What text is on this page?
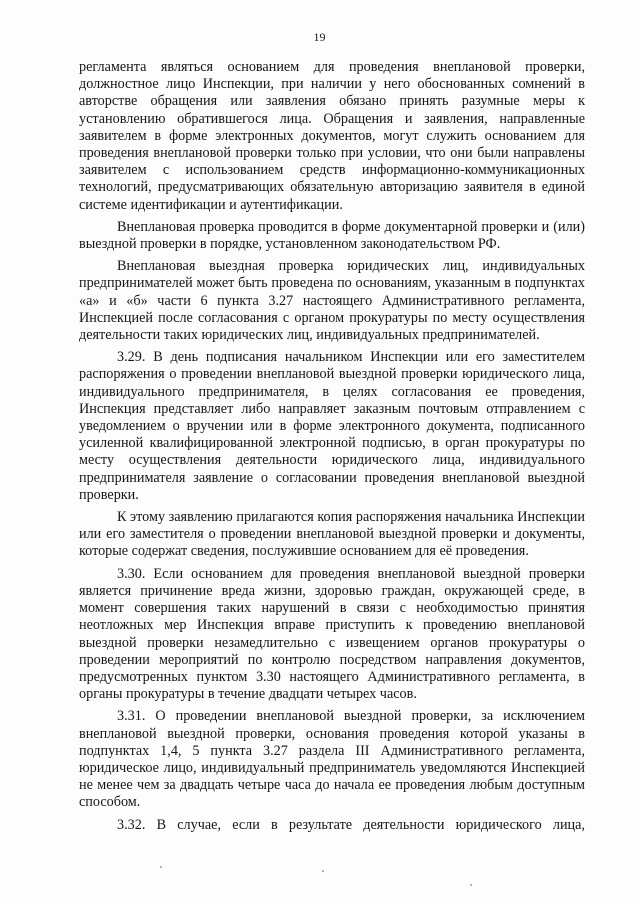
19

регламента являться основанием для проведения внеплановой проверки, должностное лицо Инспекции, при наличии у него обоснованных сомнений в авторстве обращения или заявления обязано принять разумные меры к установлению обратившегося лица. Обращения и заявления, направленные заявителем в форме электронных документов, могут служить основанием для проведения внеплановой проверки только при условии, что они были направлены заявителем с использованием средств информационно-коммуникационных технологий, предусматривающих обязательную авторизацию заявителя в единой системе идентификации и аутентификации.

Внеплановая проверка проводится в форме документарной проверки и (или) выездной проверки в порядке, установленном законодательством РФ.

Внеплановая выездная проверка юридических лиц, индивидуальных предпринимателей может быть проведена по основаниям, указанным в подпунктах «а» и «б» части 6 пункта 3.27 настоящего Административного регламента, Инспекцией после согласования с органом прокуратуры по месту осуществления деятельности таких юридических лиц, индивидуальных предпринимателей.

3.29. В день подписания начальником Инспекции или его заместителем распоряжения о проведении внеплановой выездной проверки юридического лица, индивидуального предпринимателя, в целях согласования ее проведения, Инспекция представляет либо направляет заказным почтовым отправлением с уведомлением о вручении или в форме электронного документа, подписанного усиленной квалифицированной электронной подписью, в орган прокуратуры по месту осуществления деятельности юридического лица, индивидуального предпринимателя заявление о согласовании проведения внеплановой выездной проверки.

К этому заявлению прилагаются копия распоряжения начальника Инспекции или его заместителя о проведении внеплановой выездной проверки и документы, которые содержат сведения, послужившие основанием для её проведения.

3.30. Если основанием для проведения внеплановой выездной проверки является причинение вреда жизни, здоровью граждан, окружающей среде, в момент совершения таких нарушений в связи с необходимостью принятия неотложных мер Инспекция вправе приступить к проведению внеплановой выездной проверки незамедлительно с извещением органов прокуратуры о проведении мероприятий по контролю посредством направления документов, предусмотренных пунктом 3.30 настоящего Административного регламента, в органы прокуратуры в течение двадцати четырех часов.

3.31. О проведении внеплановой выездной проверки, за исключением внеплановой выездной проверки, основания проведения которой указаны в подпунктах 1,4, 5 пункта 3.27 раздела III Административного регламента, юридическое лицо, индивидуальный предприниматель уведомляются Инспекцией не менее чем за двадцать четыре часа до начала ее проведения любым доступным способом.

3.32. В случае, если в результате деятельности юридического лица,
